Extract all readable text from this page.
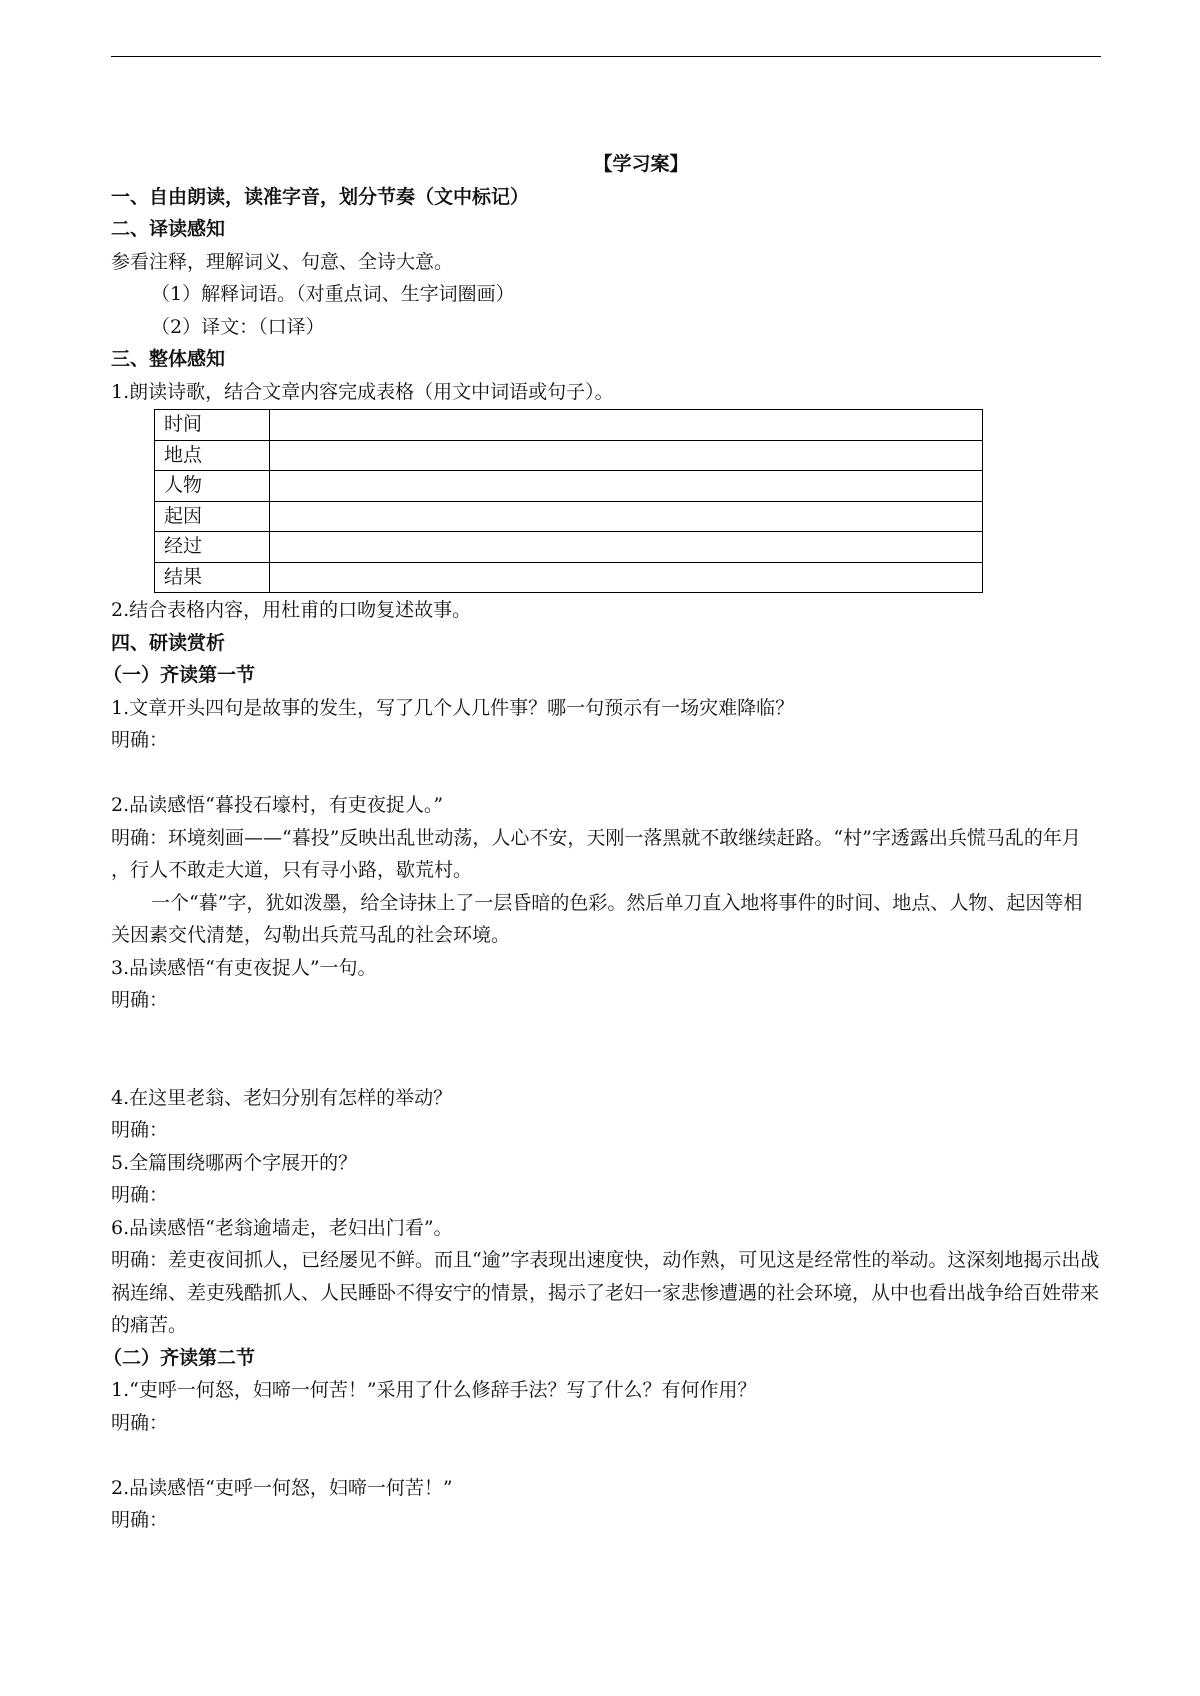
【学习案】
一、自由朗读，读准字音，划分节奏（文中标记）
二、译读感知
参看注释，理解词义、句意、全诗大意。
（1）解释词语。（对重点词、生字词圈画）
（2）译文：（口译）
三、整体感知
1.朗读诗歌，结合文章内容完成表格（用文中词语或句子）。
时间	
地点	
人物	
起因	
经过	
结果	
2.结合表格内容，用杜甫的口吻复述故事。
四、研读赏析
（一）齐读第一节
1.文章开头四句是故事的发生，写了几个人几件事？哪一句预示有一场灾难降临？
明确：
2.品读感悟“暮投石壕村，有吏夜捉人。”
明确：环境刻画——“暮投”反映出乱世动荡，人心不安，天刚一落黑就不敢继续赶路。“村”字透露出兵慌马乱的年月 ，行人不敢走大道，只有寻小路，歇荒村。
一个“暮”字，犹如泼墨，给全诗抹上了一层昏暗的色彩。然后单刀直入地将事件的时间、地点、人物、起因等相关因素交代清楚，勾勒出兵荒马乱的社会环境。
3.品读感悟“有吏夜捉人”一句。
明确：
4.在这里老翁、老妇分别有怎样的举动？
明确：
5.全篇围绕哪两个字展开的？
明确：
6.品读感悟“老翁逾墙走，老妇出门看”。
明确：差吏夜间抓人，已经屡见不鲜。而且“逾”字表现出速度快，动作熟，可见这是经常性的举动。这深刻地揭示出战祸连绵、差吏残酷抓人、人民睡卧不得安宁的情景，揭示了老妇一家悲惨遭遇的社会环境，从中也看出战争给百姓带来的痛苦。
（二）齐读第二节
1.“吏呼一何怒，妇啼一何苦！”采用了什么修辞手法？写了什么？有何作用？
明确：
2.品读感悟“吏呼一何怒，妇啼一何苦！”
明确：
